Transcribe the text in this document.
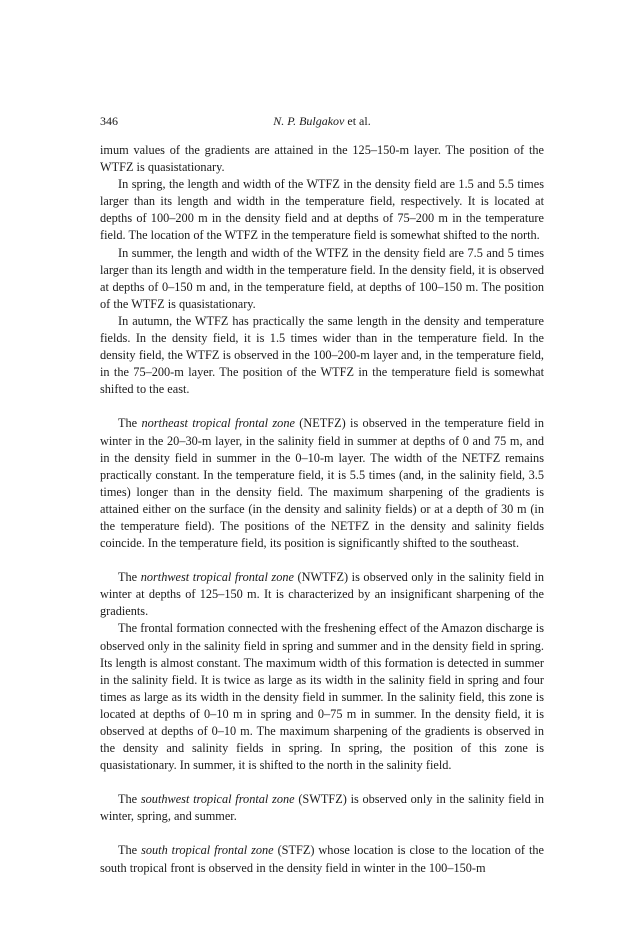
346	N. P. Bulgakov et al.

imum values of the gradients are attained in the 125–150-m layer. The position of the WTFZ is quasistationary.

In spring, the length and width of the WTFZ in the density field are 1.5 and 5.5 times larger than its length and width in the temperature field, respectively. It is located at depths of 100–200 m in the density field and at depths of 75–200 m in the temperature field. The location of the WTFZ in the temperature field is somewhat shifted to the north.

In summer, the length and width of the WTFZ in the density field are 7.5 and 5 times larger than its length and width in the temperature field. In the density field, it is observed at depths of 0–150 m and, in the temperature field, at depths of 100–150 m. The position of the WTFZ is quasistationary.

In autumn, the WTFZ has practically the same length in the density and temperature fields. In the density field, it is 1.5 times wider than in the temperature field. In the density field, the WTFZ is observed in the 100–200-m layer and, in the temperature field, in the 75–200-m layer. The position of the WTFZ in the temperature field is somewhat shifted to the east.

The northeast tropical frontal zone (NETFZ) is observed in the temperature field in winter in the 20–30-m layer, in the salinity field in summer at depths of 0 and 75 m, and in the density field in summer in the 0–10-m layer. The width of the NETFZ remains practically constant. In the temperature field, it is 5.5 times (and, in the salinity field, 3.5 times) longer than in the density field. The maximum sharpening of the gradients is attained either on the surface (in the density and salinity fields) or at a depth of 30 m (in the temperature field). The positions of the NETFZ in the density and salinity fields coincide. In the temperature field, its position is significantly shifted to the southeast.

The northwest tropical frontal zone (NWTFZ) is observed only in the salinity field in winter at depths of 125–150 m. It is characterized by an insignificant sharpening of the gradients.

The frontal formation connected with the freshening effect of the Amazon discharge is observed only in the salinity field in spring and summer and in the density field in spring. Its length is almost constant. The maximum width of this formation is detected in summer in the salinity field. It is twice as large as its width in the salinity field in spring and four times as large as its width in the density field in summer. In the salinity field, this zone is located at depths of 0–10 m in spring and 0–75 m in summer. In the density field, it is observed at depths of 0–10 m. The maximum sharpening of the gradients is observed in the density and salinity fields in spring. In spring, the position of this zone is quasistationary. In summer, it is shifted to the north in the salinity field.

The southwest tropical frontal zone (SWTFZ) is observed only in the salinity field in winter, spring, and summer.

The south tropical frontal zone (STFZ) whose location is close to the location of the south tropical front is observed in the density field in winter in the 100–150-m
